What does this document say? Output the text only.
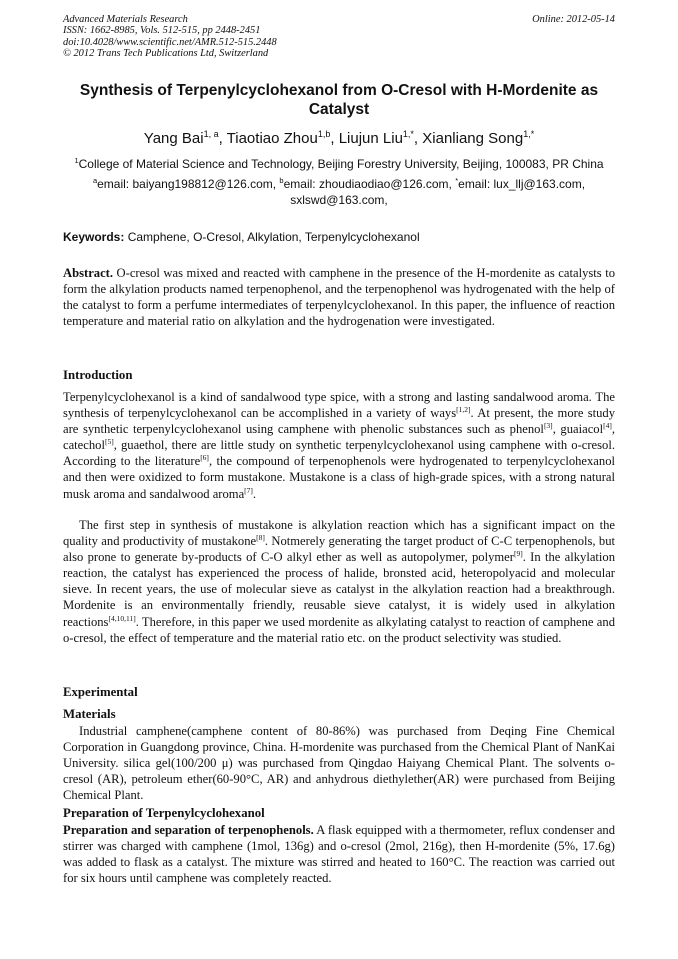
Advanced Materials Research
ISSN: 1662-8985, Vols. 512-515, pp 2448-2451
doi:10.4028/www.scientific.net/AMR.512-515.2448
© 2012 Trans Tech Publications Ltd, Switzerland
Online: 2012-05-14
Synthesis of Terpenylcyclohexanol from O-Cresol with H-Mordenite as
Catalyst
Yang Bai$^{1, a}$, Tiaotiao Zhou$^{1,b}$, Liujun Liu$^{1,*}$, Xianliang Song$^{1,*}$
$^1$College of Material Science and Technology, Beijing Forestry University, Beijing, 100083, PR China
$^a$email: baiyang198812@126.com, $^b$email: zhoudiaodiao@126.com, *email: lux_llj@163.com,
sxlswd@163.com,
Keywords: Camphene, O-Cresol, Alkylation, Terpenylcyclohexanol
Abstract. O-cresol was mixed and reacted with camphene in the presence of the H-mordenite as catalysts to form the alkylation products named terpenophenol, and the terpenophenol was hydrogenated with the help of the catalyst to form a perfume intermediates of terpenylcyclohexanol. In this paper, the influence of reaction temperature and material ratio on alkylation and the hydrogenation were investigated.
Introduction
Terpenylcyclohexanol is a kind of sandalwood type spice, with a strong and lasting sandalwood aroma. The synthesis of terpenylcyclohexanol can be accomplished in a variety of ways[1,2]. At present, the more study are synthetic terpenylcyclohexanol using camphene with phenolic substances such as phenol[3], guaiacol[4], catechol[5], guaethol, there are little study on synthetic terpenylcyclohexanol using camphene with o-cresol. According to the literature[6], the compound of terpenophenols were hydrogenated to terpenylcyclohexanol and then were oxidized to form mustakone. Mustakone is a class of high-grade spices, with a strong natural musk aroma and sandalwood aroma[7].
The first step in synthesis of mustakone is alkylation reaction which has a significant impact on the quality and productivity of mustakone[8]. Notmerely generating the target product of C-C terpenophenols, but also prone to generate by-products of C-O alkyl ether as well as autopolymer, polymer[9]. In the alkylation reaction, the catalyst has experienced the process of halide, bronsted acid, heteropolyacid and molecular sieve. In recent years, the use of molecular sieve as catalyst in the alkylation reaction had a breakthrough. Mordenite is an environmentally friendly, reusable sieve catalyst, it is widely used in alkylation reactions[4,10,11]. Therefore, in this paper we used mordenite as alkylating catalyst to reaction of camphene and o-cresol, the effect of temperature and the material ratio etc. on the product selectivity was studied.
Experimental
Materials
Industrial camphene(camphene content of 80-86%) was purchased from Deqing Fine Chemical Corporation in Guangdong province, China. H-mordenite was purchased from the Chemical Plant of NanKai University. silica gel(100/200 μ) was purchased from Qingdao Haiyang Chemical Plant. The solvents o-cresol (AR), petroleum ether(60-90°C, AR) and anhydrous diethylether(AR) were purchased from Beijing Chemical Plant.
Preparation of Terpenylcyclohexanol
Preparation and separation of terpenophenols. A flask equipped with a thermometer, reflux condenser and stirrer was charged with camphene (1mol, 136g) and o-cresol (2mol, 216g), then H-mordenite (5%, 17.6g) was added to flask as a catalyst. The mixture was stirred and heated to 160°C. The reaction was carried out for six hours until camphene was completely reacted.
